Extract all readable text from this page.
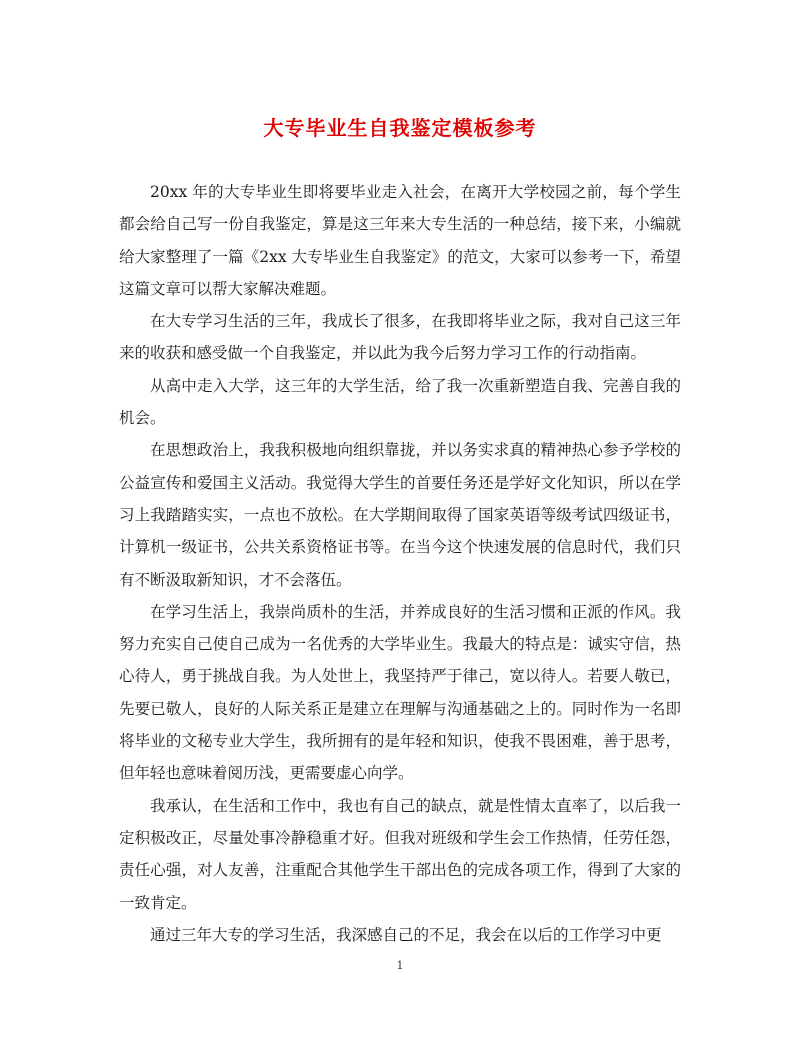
大专毕业生自我鉴定模板参考

20xx 年的大专毕业生即将要毕业走入社会，在离开大学校园之前，每个学生都会给自己写一份自我鉴定，算是这三年来大专生活的一种总结，接下来，小编就给大家整理了一篇《2xx 大专毕业生自我鉴定》的范文，大家可以参考一下，希望这篇文章可以帮大家解决难题。

在大专学习生活的三年，我成长了很多，在我即将毕业之际，我对自己这三年来的收获和感受做一个自我鉴定，并以此为我今后努力学习工作的行动指南。

从高中走入大学，这三年的大学生活，给了我一次重新塑造自我、完善自我的机会。

在思想政治上，我我积极地向组织靠拢，并以务实求真的精神热心参予学校的公益宣传和爱国主义活动。我觉得大学生的首要任务还是学好文化知识，所以在学习上我踏踏实实，一点也不放松。在大学期间取得了国家英语等级考试四级证书，计算机一级证书，公共关系资格证书等。在当今这个快速发展的信息时代，我们只有不断汲取新知识，才不会落伍。

在学习生活上，我崇尚质朴的生活，并养成良好的生活习惯和正派的作风。我努力充实自己使自己成为一名优秀的大学毕业生。我最大的特点是：诚实守信，热心待人，勇于挑战自我。为人处世上，我坚持严于律己，宽以待人。若要人敬已，先要已敬人，良好的人际关系正是建立在理解与沟通基础之上的。同时作为一名即将毕业的文秘专业大学生，我所拥有的是年轻和知识，使我不畏困难，善于思考，但年轻也意味着阅历浅，更需要虚心向学。

我承认，在生活和工作中，我也有自己的缺点，就是性情太直率了，以后我一定积极改正，尽量处事冷静稳重才好。但我对班级和学生会工作热情，任劳任怨，责任心强，对人友善，注重配合其他学生干部出色的完成各项工作，得到了大家的一致肯定。

通过三年大专的学习生活，我深感自己的不足，我会在以后的工作学习中更

1
